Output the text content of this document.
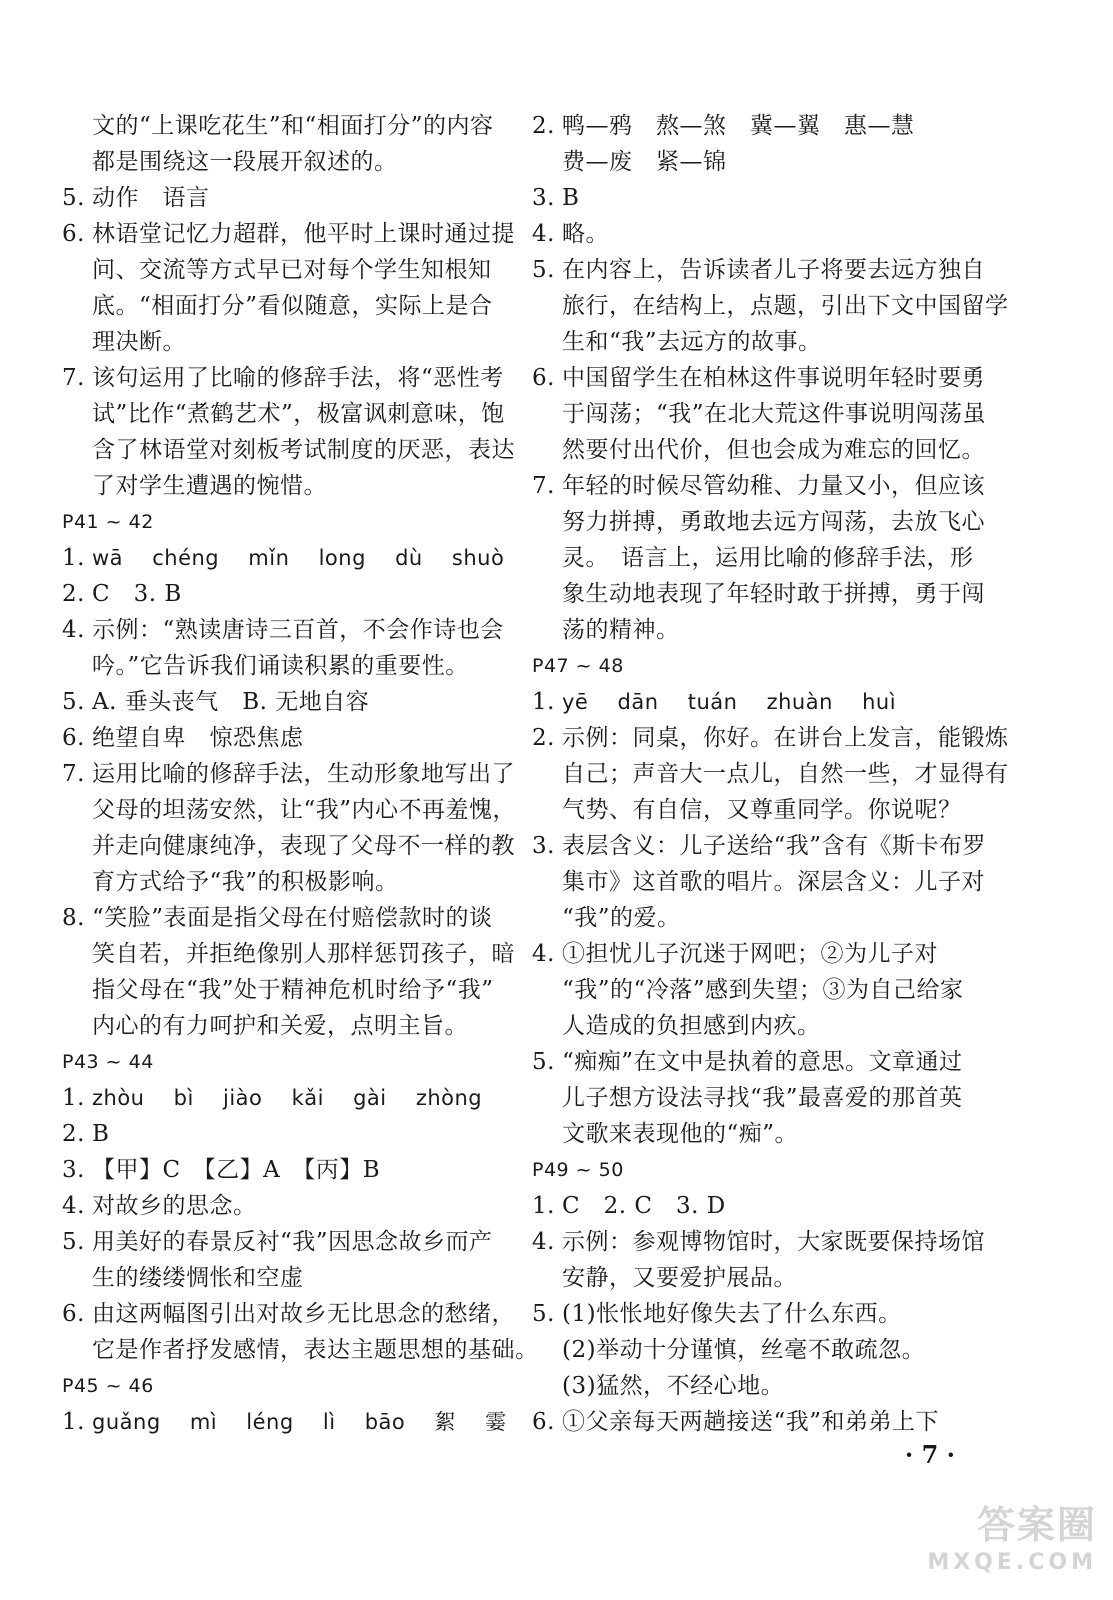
文的“上课吃花生”和“相面打分”的内容
都是围绕这一段展开叙述的。
5. 动作　语言
6. 林语堂记忆力超群，他平时上课时通过提
问、交流等方式早已对每个学生知根知
底。“相面打分”看似随意，实际上是合
理决断。
7. 该句运用了比喻的修辞手法，将“恶性考
试”比作“煮鹤艺术”，极富讽刺意味，饱
含了林语堂对刻板考试制度的厌恶，表达
了对学生遭遇的惋惜。
P41 ~ 42
1. wā chéng mǐn long dù shuò
2. C　3. B
4. 示例：“熟读唐诗三百首，不会作诗也会
吟。”它告诉我们诵读积累的重要性。
5. A. 垂头丧气　B. 无地自容
6. 绝望自卑　惊恐焦虑
7. 运用比喻的修辞手法，生动形象地写出了
父母的坦荡安然，让“我”内心不再羞愧，
并走向健康纯净，表现了父母不一样的教
育方式给予“我”的积极影响。
8. “笑脸”表面是指父母在付赔偿款时的谈
笑自若，并拒绝像别人那样惩罚孩子，暗
指父母在“我”处于精神危机时给予“我”
内心的有力呵护和关爱，点明主旨。
P43 ~ 44
1. zhòu bì jiào kǎi gài zhòng
2. B
3. 【甲】C　【乙】A　【丙】B
4. 对故乡的思念。
5. 用美好的春景反衬“我”因思念故乡而产
生的缕缕惆怅和空虚
6. 由这两幅图引出对故乡无比思念的愁绪，
它是作者抒发感情，表达主题思想的基础。
P45 ~ 46
1. guǎng mì léng lì bāo 絮 霎
2. 鸭—鸦　熬—煞　冀—翼　惠—慧
费—废　紧—锦
3. B
4. 略。
5. 在内容上，告诉读者儿子将要去远方独自
旅行，在结构上，点题，引出下文中国留学
生和“我”去远方的故事。
6. 中国留学生在柏林这件事说明年轻时要勇
于闯荡；“我”在北大荒这件事说明闯荡虽
然要付出代价，但也会成为难忘的回忆。
7. 年轻的时候尽管幼稚、力量又小，但应该
努力拼搏，勇敢地去远方闯荡，去放飞心
灵。　语言上，运用比喻的修辞手法，形
象生动地表现了年轻时敢于拼搏，勇于闯
荡的精神。
P47 ~ 48
1. yē dān tuán zhuàn huì
2. 示例：同桌，你好。在讲台上发言，能锻炼
自己；声音大一点儿，自然一些，才显得有
气势、有自信，又尊重同学。你说呢？
3. 表层含义：儿子送给“我”含有《斯卡布罗
集市》这首歌的唱片。深层含义：儿子对
“我”的爱。
4. ①担忧儿子沉迷于网吧；②为儿子对
“我”的“冷落”感到失望；③为自己给家
人造成的负担感到内疚。
5. “痴痴”在文中是执着的意思。文章通过
儿子想方设法寻找“我”最喜爱的那首英
文歌来表现他的“痴”。
P49 ~ 50
1. C　2. C　3. D
4. 示例：参观博物馆时，大家既要保持场馆
安静，又要爱护展品。
5. (1)怅怅地好像失去了什么东西。
(2)举动十分谨慎，丝毫不敢疏忽。
(3)猛然，不经心地。
6. ①父亲每天两趟接送“我”和弟弟上下
· 7 ·
答案圈
MXQE.COM
